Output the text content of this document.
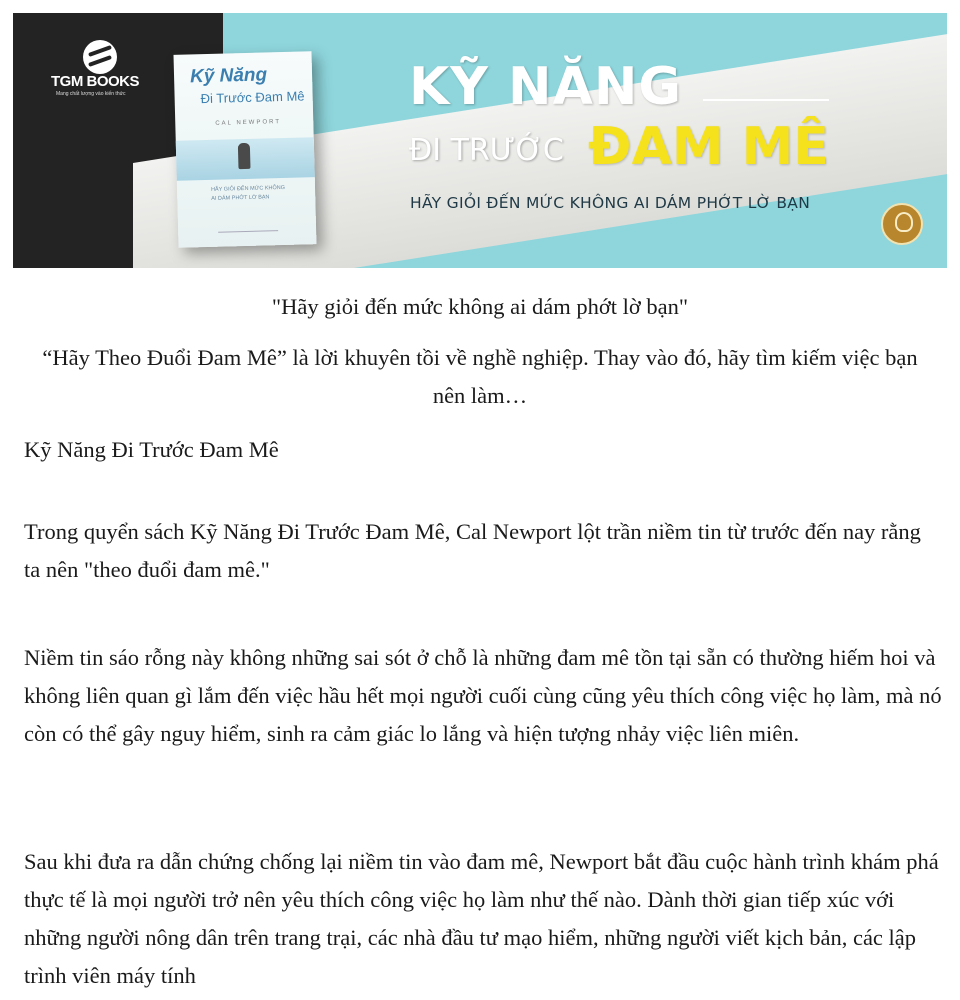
TGM BOOKS
Mang chất lượng vào kiến thức
Kỹ Năng
Đi Trước Đam Mê
CAL NEWPORT
HÃY GIỎI ĐẾN MỨC KHÔNG AI DÁM PHỚT LỜ BẠN
KỸ NĂNG
ĐI TRƯỚC ĐAM MÊ
HÃY GIỎI ĐẾN MỨC KHÔNG AI DÁM PHỚT LỜ BẠN
"Hãy giỏi đến mức không ai dám phớt lờ bạn"
“Hãy Theo Đuổi Đam Mê” là lời khuyên tồi về nghề nghiệp. Thay vào đó, hãy tìm kiếm việc bạn nên làm…
Kỹ Năng Đi Trước Đam Mê
Trong quyển sách Kỹ Năng Đi Trước Đam Mê, Cal Newport lột trần niềm tin từ trước đến nay rằng ta nên "theo đuổi đam mê."
Niềm tin sáo rỗng này không những sai sót ở chỗ là những đam mê tồn tại sẵn có thường hiếm hoi và không liên quan gì lắm đến việc hầu hết mọi người cuối cùng cũng yêu thích công việc họ làm, mà nó còn có thể gây nguy hiểm, sinh ra cảm giác lo lắng và hiện tượng nhảy việc liên miên.
Sau khi đưa ra dẫn chứng chống lại niềm tin vào đam mê, Newport bắt đầu cuộc hành trình khám phá thực tế là mọi người trở nên yêu thích công việc họ làm như thế nào. Dành thời gian tiếp xúc với những người nông dân trên trang trại, các nhà đầu tư mạo hiểm, những người viết kịch bản, các lập trình viên máy tính
